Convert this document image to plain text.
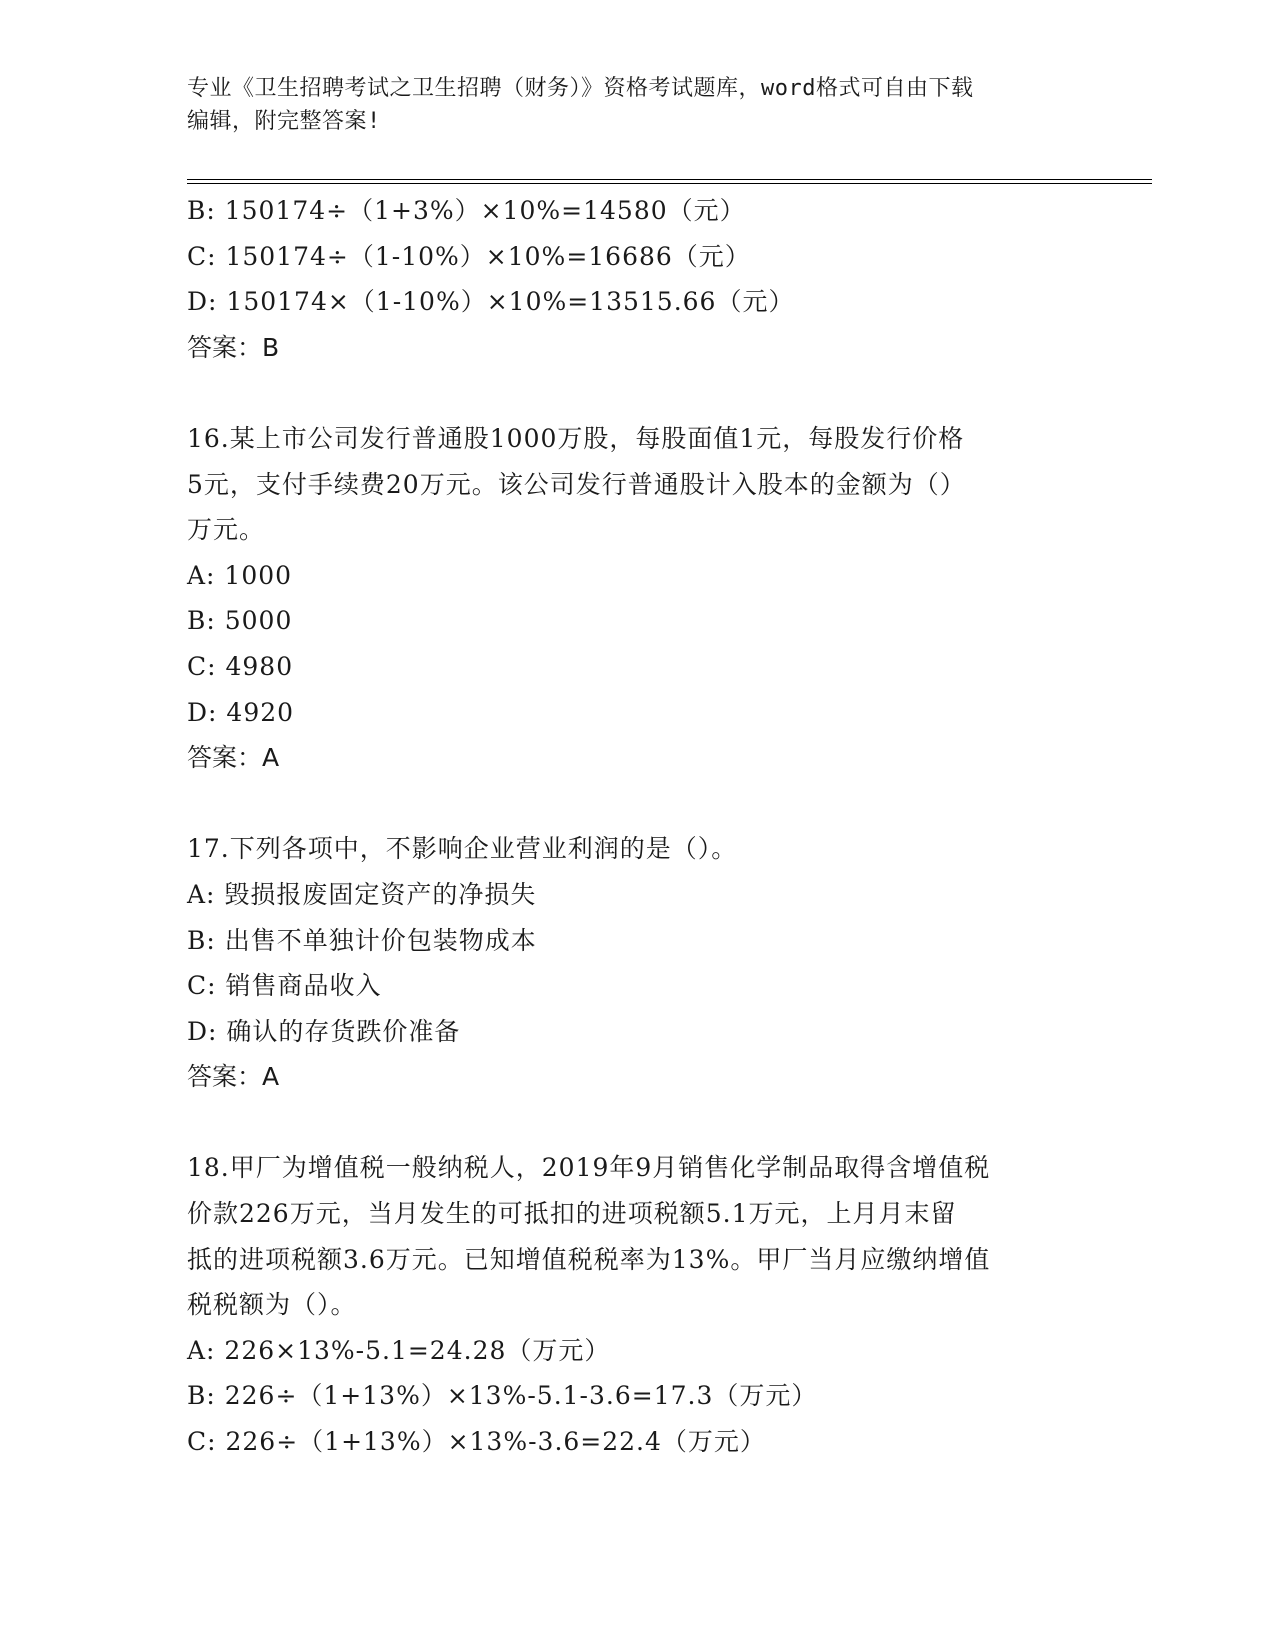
专业《卫生招聘考试之卫生招聘（财务）》资格考试题库，word格式可自由下载
编辑，附完整答案!
B: 150174÷（1+3%）×10%=14580（元）
C: 150174÷（1-10%）×10%=16686（元）
D: 150174×（1-10%）×10%=13515.66（元）
答案：B
16.某上市公司发行普通股1000万股，每股面值1元，每股发行价格
5元，支付手续费20万元。该公司发行普通股计入股本的金额为（）
万元。
A: 1000
B: 5000
C: 4980
D: 4920
答案：A
17.下列各项中，不影响企业营业利润的是（）。
A: 毁损报废固定资产的净损失
B: 出售不单独计价包装物成本
C: 销售商品收入
D: 确认的存货跌价准备
答案：A
18.甲厂为增值税一般纳税人，2019年9月销售化学制品取得含增值税
价款226万元，当月发生的可抵扣的进项税额5.1万元，上月月末留
抵的进项税额3.6万元。已知增值税税率为13%。甲厂当月应缴纳增值
税税额为（）。
A: 226×13%-5.1=24.28（万元）
B: 226÷（1+13%）×13%-5.1-3.6=17.3（万元）
C: 226÷（1+13%）×13%-3.6=22.4（万元）
